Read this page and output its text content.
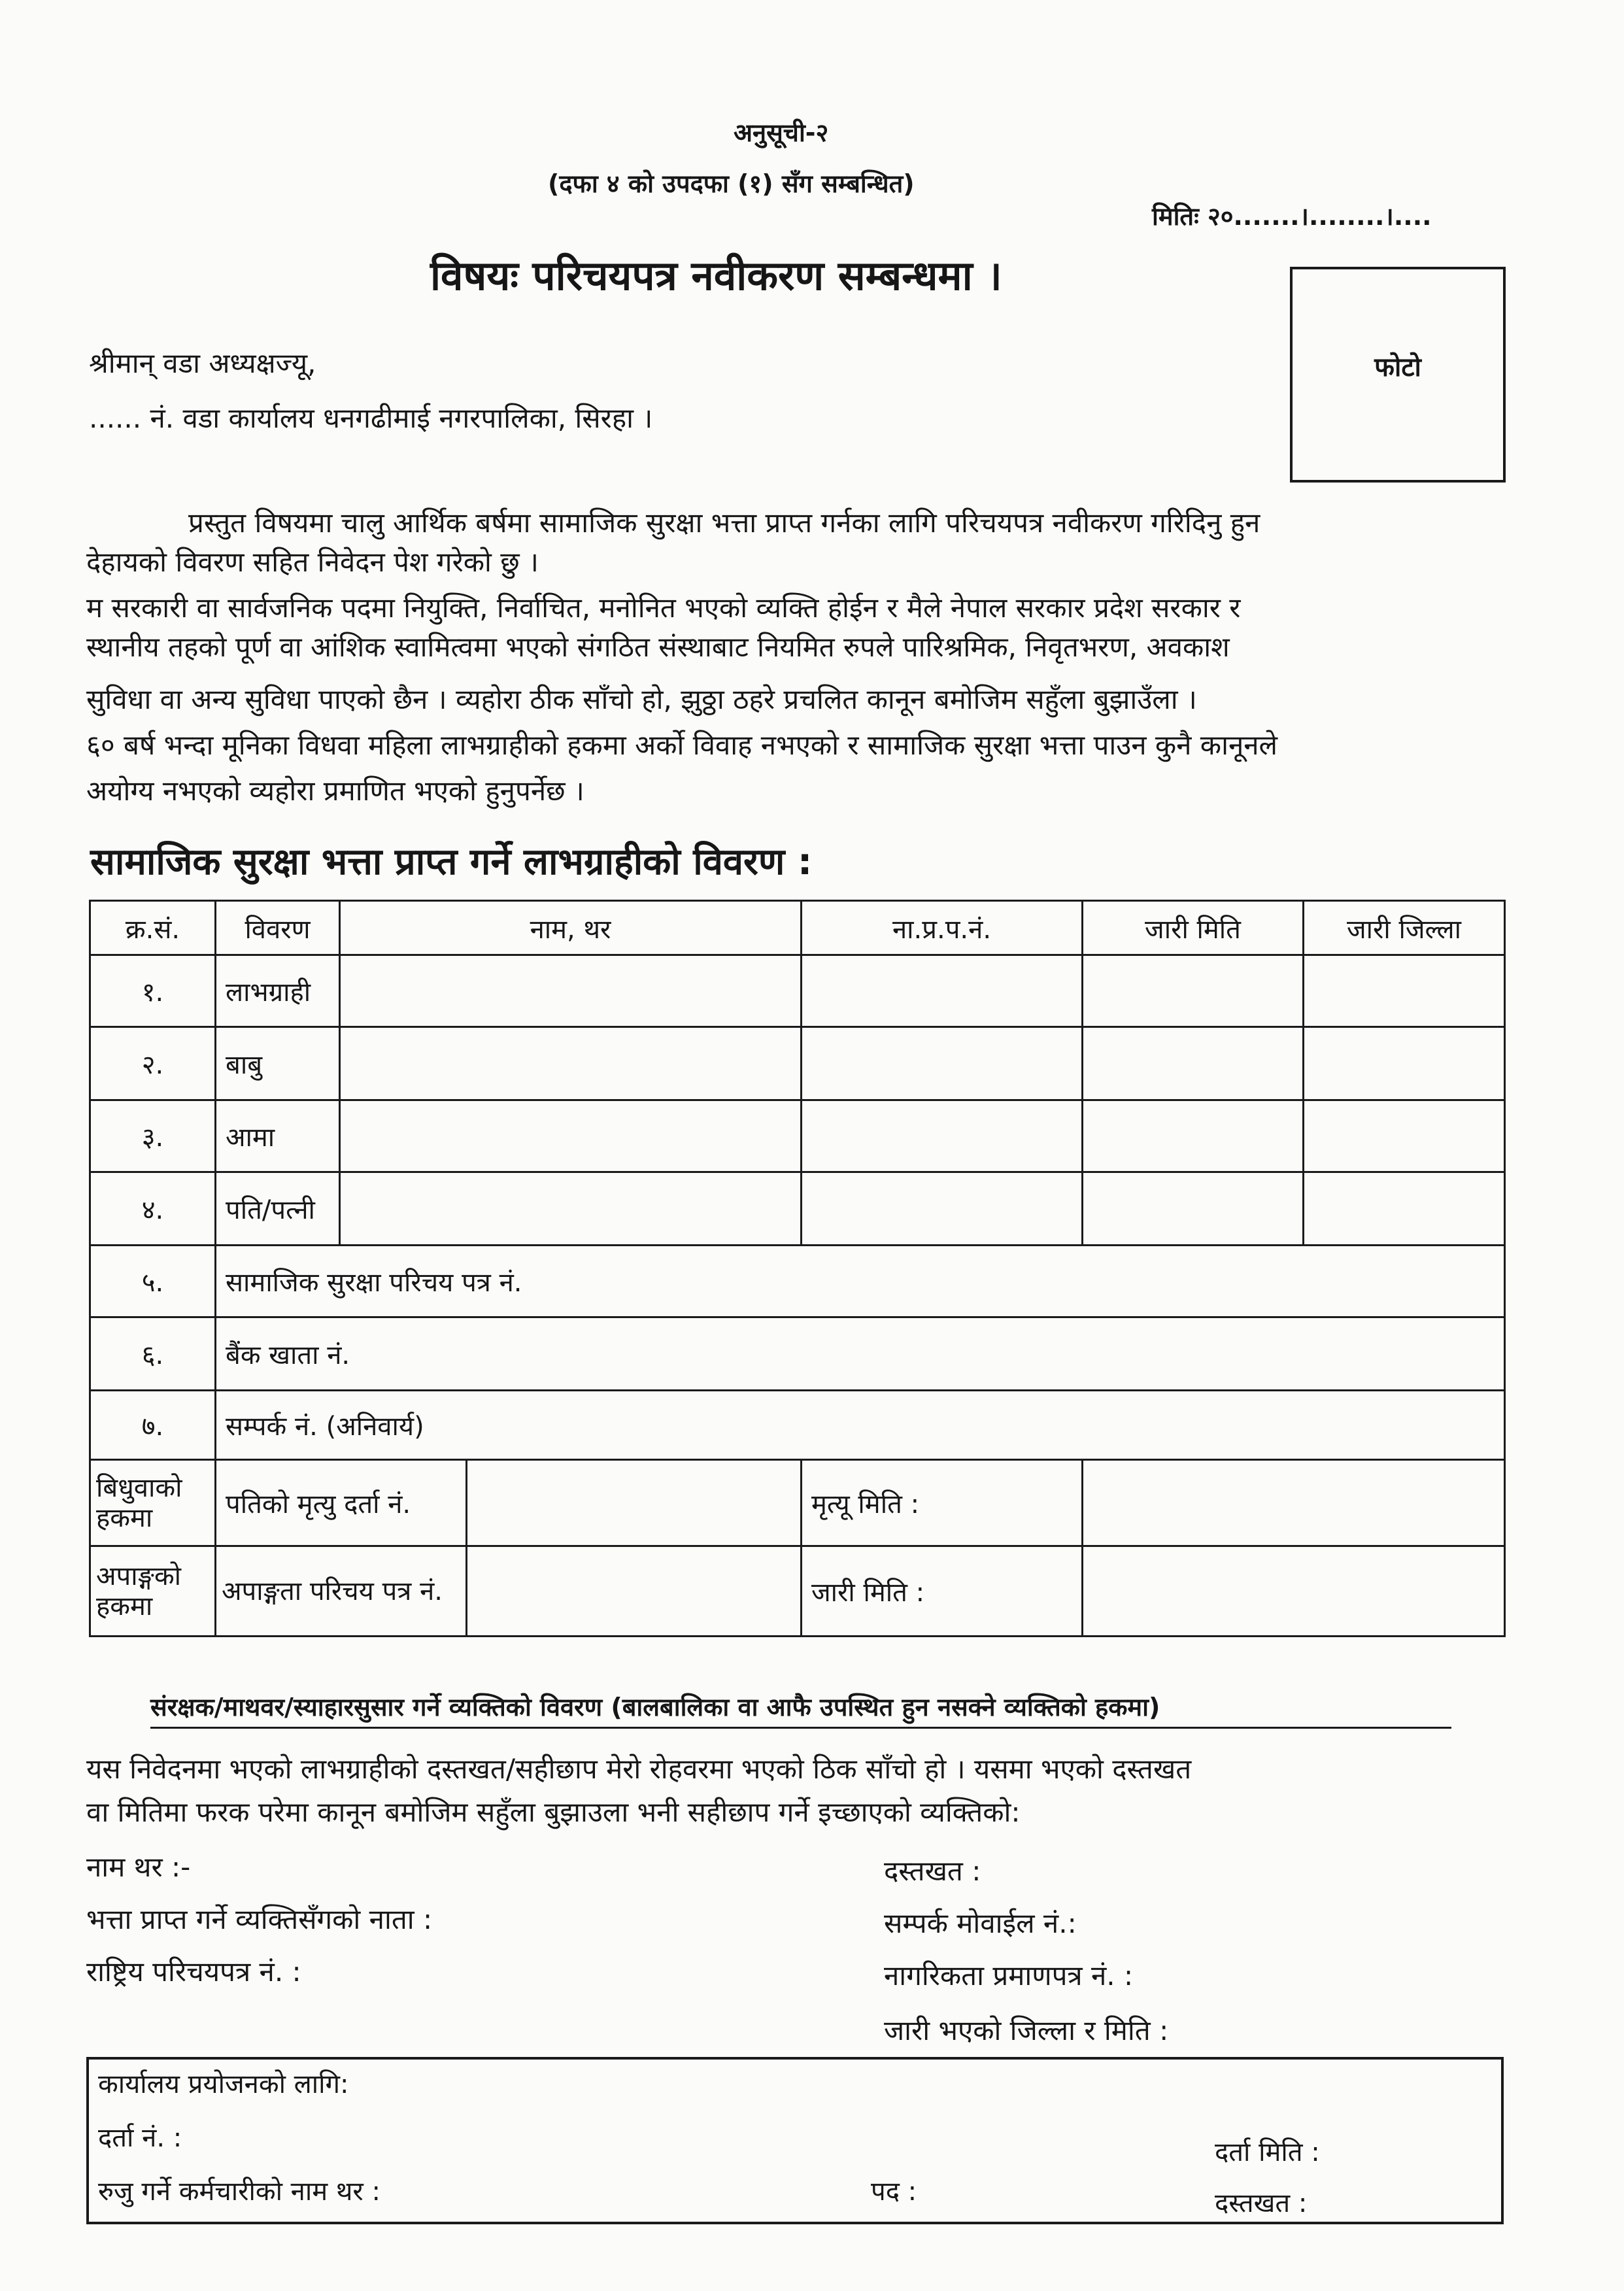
अनुसूची-२
(दफा ४ को उपदफा (१) सँग सम्बन्धित)
मितिः २०.......।........।....
विषयः परिचयपत्र नवीकरण सम्बन्धमा ।
फोटो
श्रीमान् वडा अध्यक्षज्यू,
...... नं. वडा कार्यालय धनगढीमाई नगरपालिका, सिरहा ।
प्रस्तुत विषयमा चालु आर्थिक बर्षमा सामाजिक सुरक्षा भत्ता प्राप्त गर्नका लागि परिचयपत्र नवीकरण गरिदिनु हुन
देहायको विवरण सहित निवेदन पेश गरेको छु ।
म सरकारी वा सार्वजनिक पदमा नियुक्ति, निर्वाचित, मनोनित भएको व्यक्ति होईन र मैले नेपाल सरकार प्रदेश सरकार र
स्थानीय तहको पूर्ण वा आंशिक स्वामित्वमा भएको संगठित संस्थाबाट नियमित रुपले पारिश्रमिक, निवृतभरण, अवकाश
सुविधा वा अन्य सुविधा पाएको छैन । व्यहोरा ठीक साँचो हो, झुठ्ठा ठहरे प्रचलित कानून बमोजिम सहुँला बुझाउँला ।
६० बर्ष भन्दा मूनिका विधवा महिला लाभग्राहीको हकमा अर्को विवाह नभएको र सामाजिक सुरक्षा भत्ता पाउन कुनै कानूनले
अयोग्य नभएको व्यहोरा प्रमाणित भएको हुनुपर्नेछ ।
सामाजिक सुरक्षा भत्ता प्राप्त गर्ने लाभग्राहीको विवरण :
क्र.सं.	विवरण	नाम, थर		ना.प्र.प.नं.	जारी मिति	जारी जिल्ला
१.	लाभग्राही					
२.	बाबु					
३.	आमा					
४.	पति/पत्नी					
५.	सामाजिक सुरक्षा परिचय पत्र नं.					
६.	बैंक खाता नं.					
७.	सम्पर्क नं. (अनिवार्य)					
बिधुवाको हकमा	पतिको मृत्यु दर्ता नं.			मृत्यू मिति :		
अपाङ्गको हकमा	अपाङ्गता परिचय पत्र नं.			जारी मिति :		
संरक्षक/माथवर/स्याहारसुसार गर्ने व्यक्तिको विवरण (बालबालिका वा आफै उपस्थित हुन नसक्ने व्यक्तिको हकमा)
यस निवेदनमा भएको लाभग्राहीको दस्तखत/सहीछाप मेरो रोहवरमा भएको ठिक साँचो हो । यसमा भएको दस्तखत
वा मितिमा फरक परेमा कानून बमोजिम सहुँला बुझाउला भनी सहीछाप गर्ने इच्छाएको व्यक्तिको:
नाम थर :-
भत्ता प्राप्त गर्ने व्यक्तिसँगको नाता :
राष्ट्रिय परिचयपत्र नं. :
दस्तखत :
सम्पर्क मोवाईल नं.:
नागरिकता प्रमाणपत्र नं. :
जारी भएको जिल्ला र मिति :
कार्यालय प्रयोजनको लागि:
दर्ता नं. :	दर्ता मिति :
रुजु गर्ने कर्मचारीको नाम थर :	पद :	दस्तखत :
